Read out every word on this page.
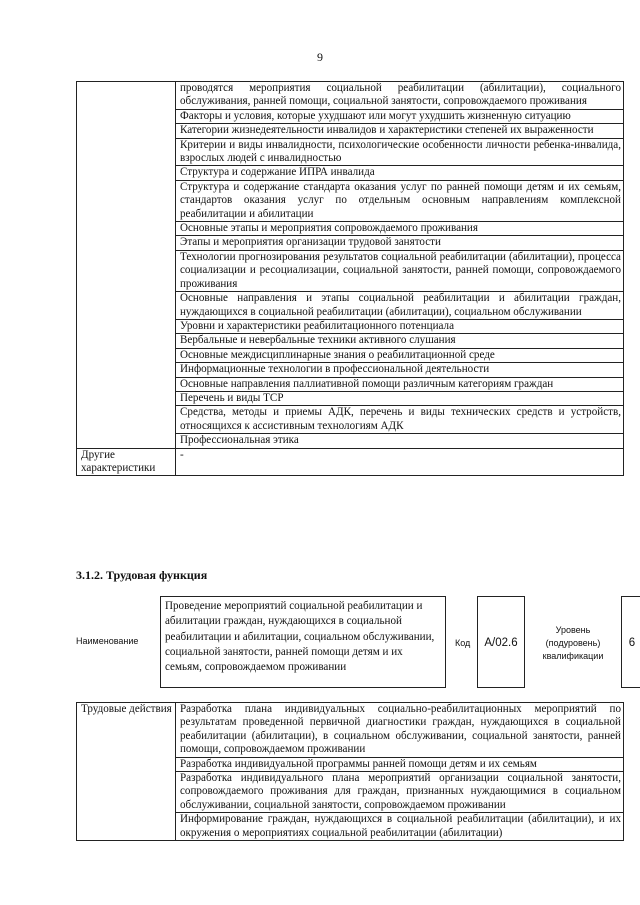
9
	проводятся мероприятия социальной реабилитации (абилитации), социального обслуживания, ранней помощи, социальной занятости, сопровождаемого проживания
	Факторы и условия, которые ухудшают или могут ухудшить жизненную ситуацию
	Категории жизнедеятельности инвалидов и характеристики степеней их выраженности
	Критерии и виды инвалидности, психологические особенности личности ребенка-инвалида, взрослых людей с инвалидностью
	Структура и содержание ИПРА инвалида
	Структура и содержание стандарта оказания услуг по ранней помощи детям и их семьям, стандартов оказания услуг по отдельным основным направлениям комплексной реабилитации и абилитации
	Основные этапы и мероприятия сопровождаемого проживания
	Этапы и мероприятия организации трудовой занятости
	Технологии прогнозирования результатов социальной реабилитации (абилитации), процесса социализации и ресоциализации, социальной занятости, ранней помощи, сопровождаемого проживания
	Основные направления и этапы социальной реабилитации и абилитации граждан, нуждающихся в социальной реабилитации (абилитации), социальном обслуживании
	Уровни и характеристики реабилитационного потенциала
	Вербальные и невербальные техники активного слушания
	Основные междисциплинарные знания о реабилитационной среде
	Информационные технологии в профессиональной деятельности
	Основные направления паллиативной помощи различным категориям граждан
	Перечень и виды ТСР
	Средства, методы и приемы АДК, перечень и виды технических средств и устройств, относящихся к ассистивным технологиям АДК
	Профессиональная этика
Другие характеристики	-
3.1.2. Трудовая функция
Наименование
Проведение мероприятий социальной реабилитации и абилитации граждан, нуждающихся в социальной реабилитации и абилитации, социальном обслуживании, социальной занятости, ранней помощи детям и их семьям, сопровождаемом проживании
Код	А/02.6
Уровень (подуровень) квалификации
6
Трудовые действия	Разработка плана индивидуальных социально-реабилитационных мероприятий по результатам проведенной первичной диагностики граждан, нуждающихся в социальной реабилитации (абилитации), в социальном обслуживании, социальной занятости, ранней помощи, сопровождаемом проживании
Разработка индивидуальной программы ранней помощи детям и их семьям
Разработка индивидуального плана мероприятий организации социальной занятости, сопровождаемого проживания для граждан, признанных нуждающимися в социальном обслуживании, социальной занятости, сопровождаемом проживании
Информирование граждан, нуждающихся в социальной реабилитации (абилитации), и их окружения о мероприятиях социальной реабилитации (абилитации)
